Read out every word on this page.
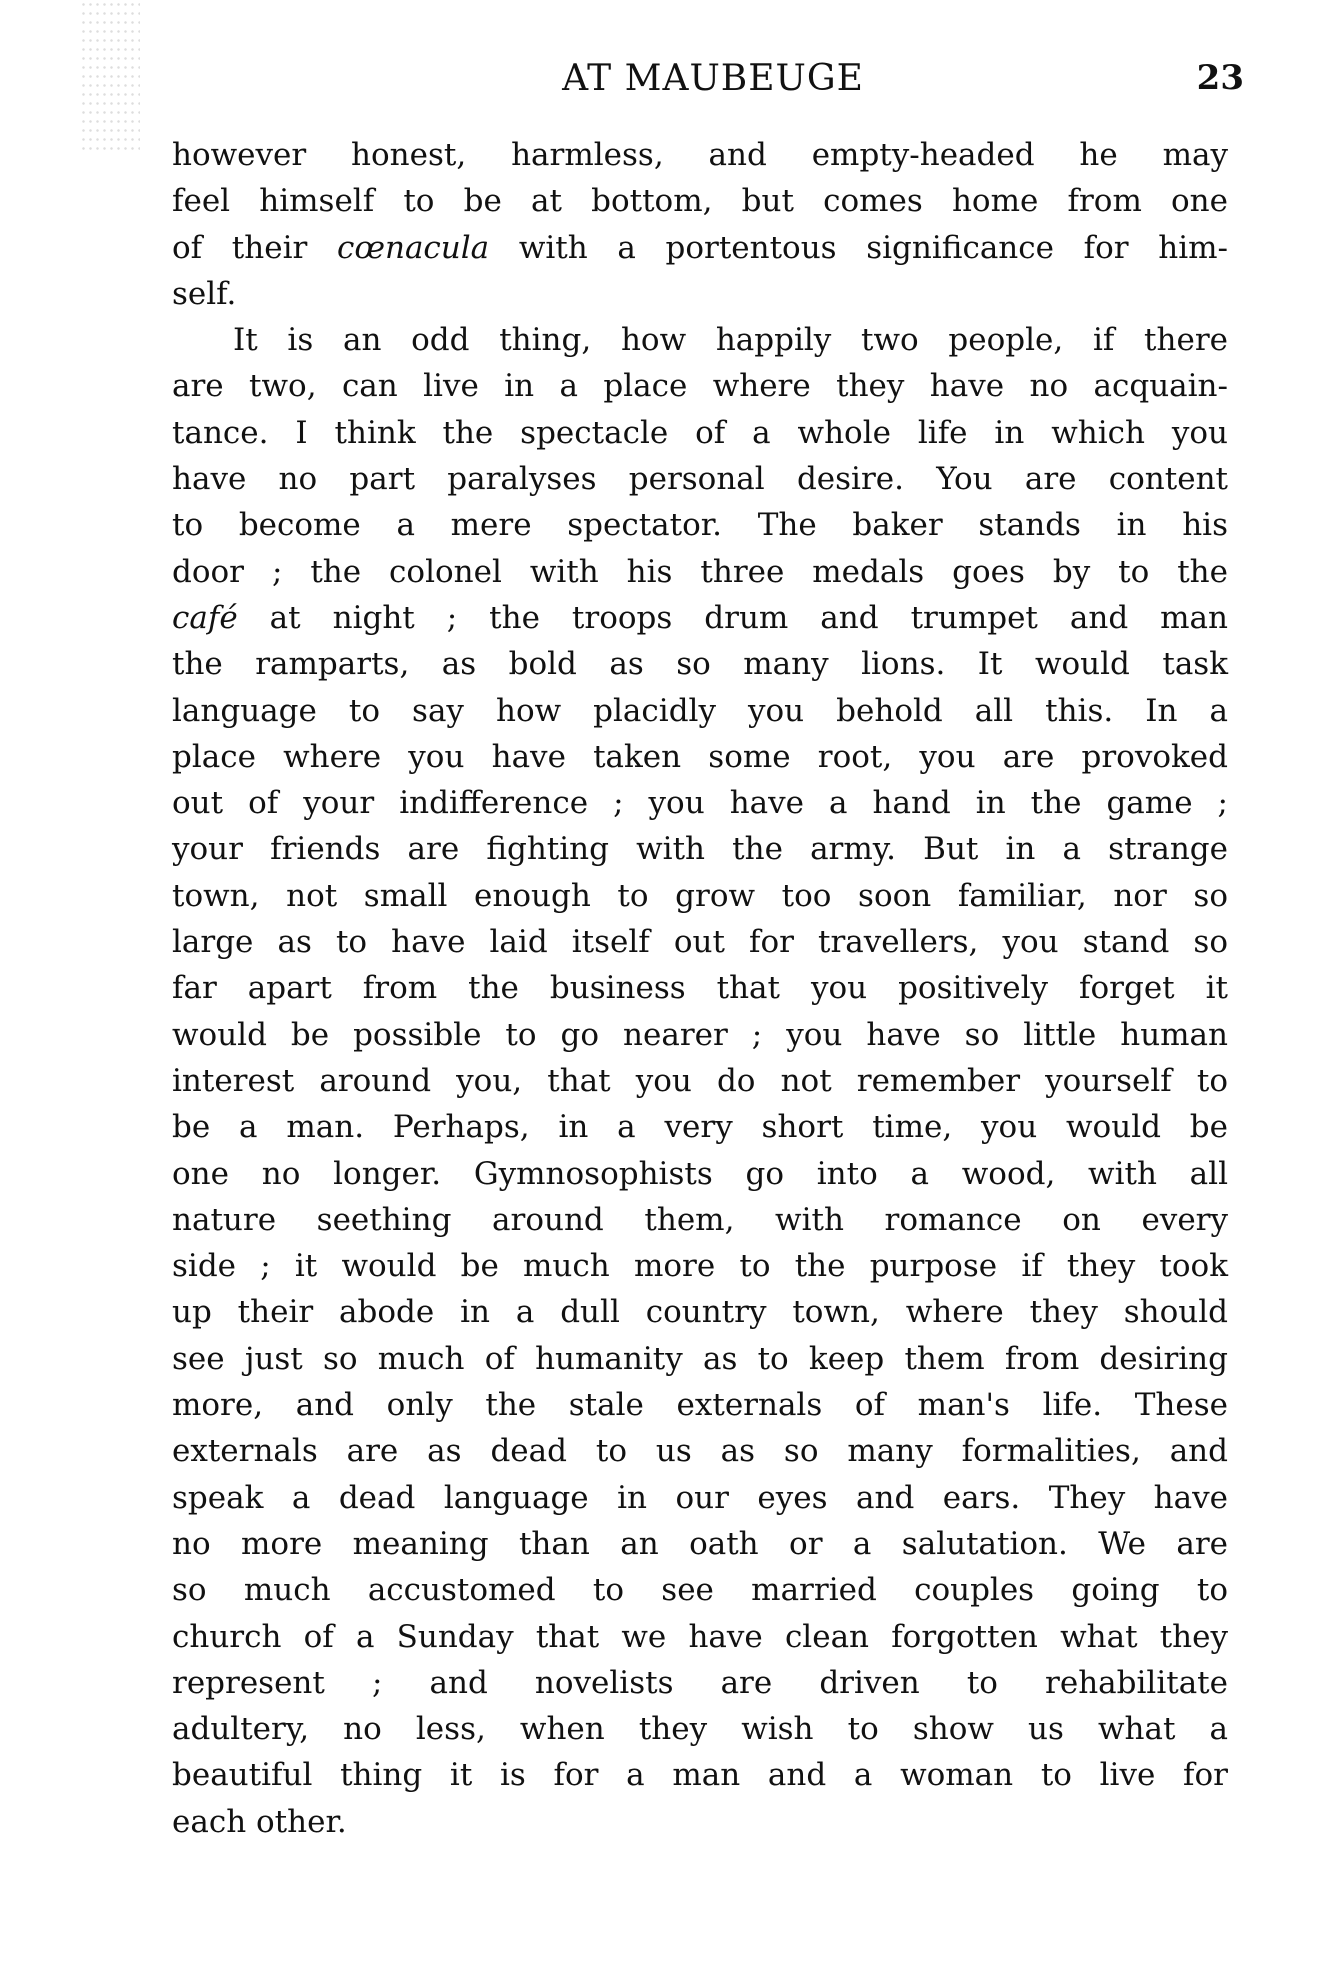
AT MAUBEUGE	23
however honest, harmless, and empty-headed he may
feel himself to be at bottom, but comes home from one
of their cœnacula with a portentous significance for him-
self.
It is an odd thing, how happily two people, if there
are two, can live in a place where they have no acquain-
tance. I think the spectacle of a whole life in which you
have no part paralyses personal desire. You are content
to become a mere spectator. The baker stands in his
door ; the colonel with his three medals goes by to the
café at night ; the troops drum and trumpet and man
the ramparts, as bold as so many lions. It would task
language to say how placidly you behold all this. In a
place where you have taken some root, you are provoked
out of your indifference ; you have a hand in the game ;
your friends are fighting with the army. But in a strange
town, not small enough to grow too soon familiar, nor so
large as to have laid itself out for travellers, you stand so
far apart from the business that you positively forget it
would be possible to go nearer ; you have so little human
interest around you, that you do not remember yourself to
be a man. Perhaps, in a very short time, you would be
one no longer. Gymnosophists go into a wood, with all
nature seething around them, with romance on every
side ; it would be much more to the purpose if they took
up their abode in a dull country town, where they should
see just so much of humanity as to keep them from desiring
more, and only the stale externals of man's life. These
externals are as dead to us as so many formalities, and
speak a dead language in our eyes and ears. They have
no more meaning than an oath or a salutation. We are
so much accustomed to see married couples going to
church of a Sunday that we have clean forgotten what they
represent ; and novelists are driven to rehabilitate
adultery, no less, when they wish to show us what a
beautiful thing it is for a man and a woman to live for
each other.
